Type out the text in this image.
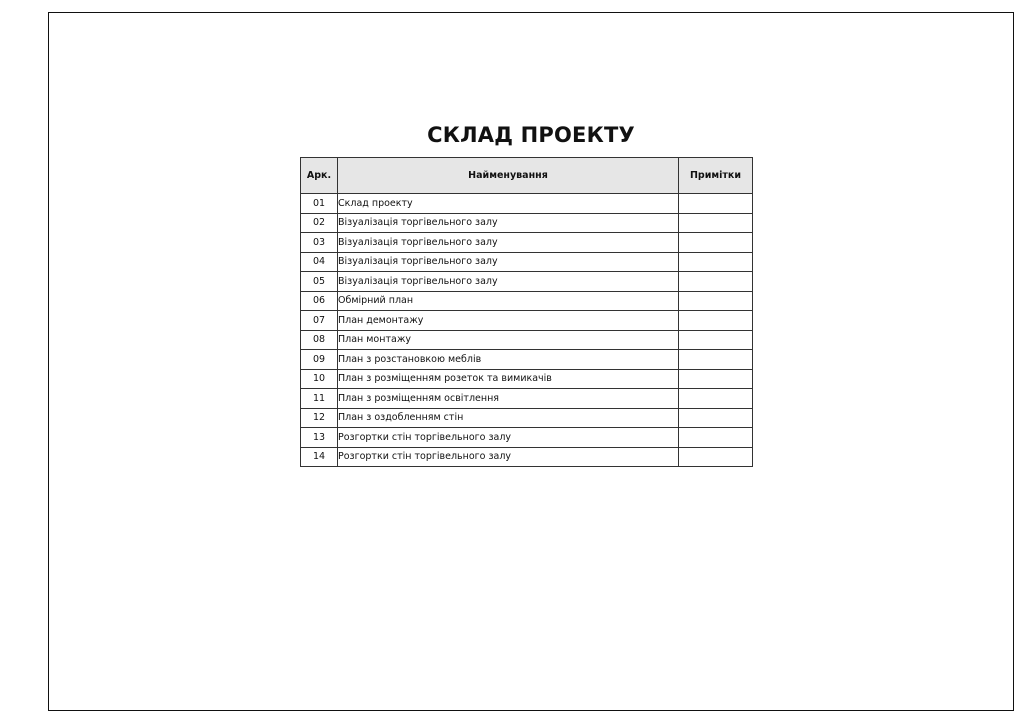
СКЛАД ПРОЕКТУ
Арк.	Найменування	Примітки
01	Склад проекту	
02	Візуалізація торгівельного залу	
03	Візуалізація торгівельного залу	
04	Візуалізація торгівельного залу	
05	Візуалізація торгівельного залу	
06	Обмірний план	
07	План демонтажу	
08	План монтажу	
09	План з розстановкою меблів	
10	План з розміщенням розеток та вимикачів	
11	План з розміщенням освітлення	
12	План з оздобленням стін	
13	Розгортки стін торгівельного залу	
14	Розгортки стін торгівельного залу	
